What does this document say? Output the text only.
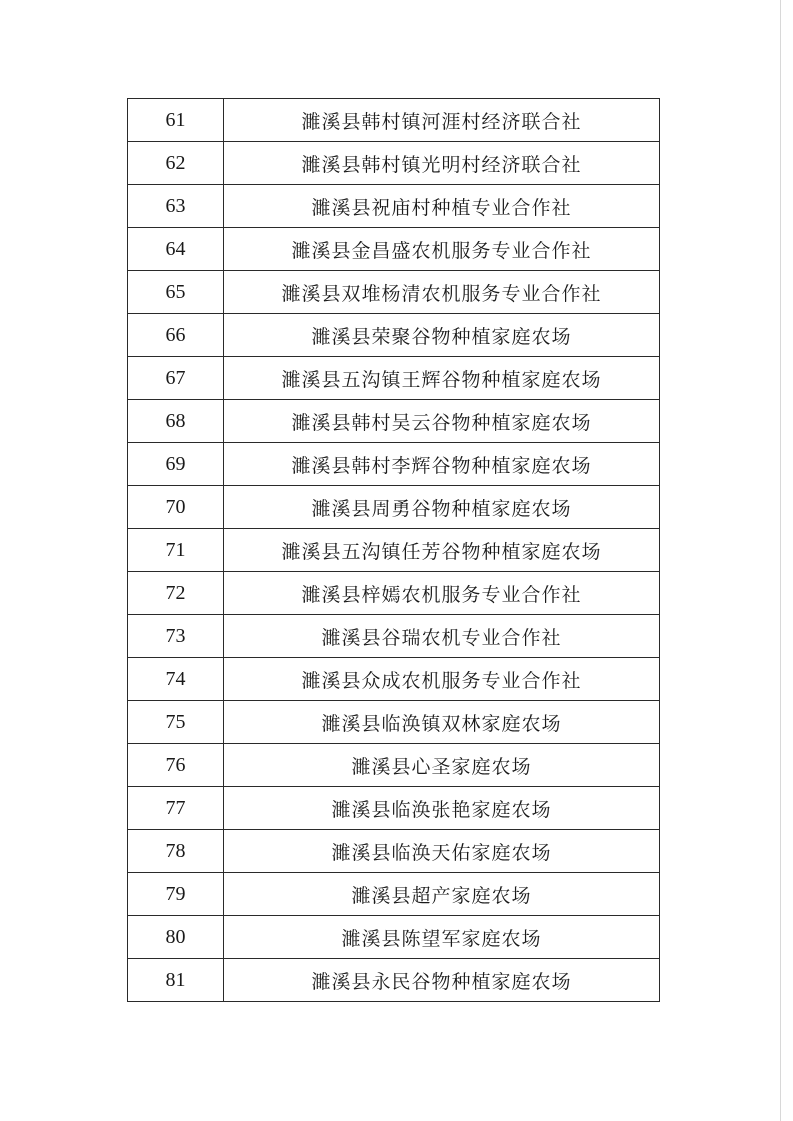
61	濉溪县韩村镇河涯村经济联合社
62	濉溪县韩村镇光明村经济联合社
63	濉溪县祝庙村种植专业合作社
64	濉溪县金昌盛农机服务专业合作社
65	濉溪县双堆杨清农机服务专业合作社
66	濉溪县荣聚谷物种植家庭农场
67	濉溪县五沟镇王辉谷物种植家庭农场
68	濉溪县韩村吴云谷物种植家庭农场
69	濉溪县韩村李辉谷物种植家庭农场
70	濉溪县周勇谷物种植家庭农场
71	濉溪县五沟镇任芳谷物种植家庭农场
72	濉溪县梓嫣农机服务专业合作社
73	濉溪县谷瑞农机专业合作社
74	濉溪县众成农机服务专业合作社
75	濉溪县临涣镇双林家庭农场
76	濉溪县心圣家庭农场
77	濉溪县临涣张艳家庭农场
78	濉溪县临涣天佑家庭农场
79	濉溪县超产家庭农场
80	濉溪县陈望军家庭农场
81	濉溪县永民谷物种植家庭农场
